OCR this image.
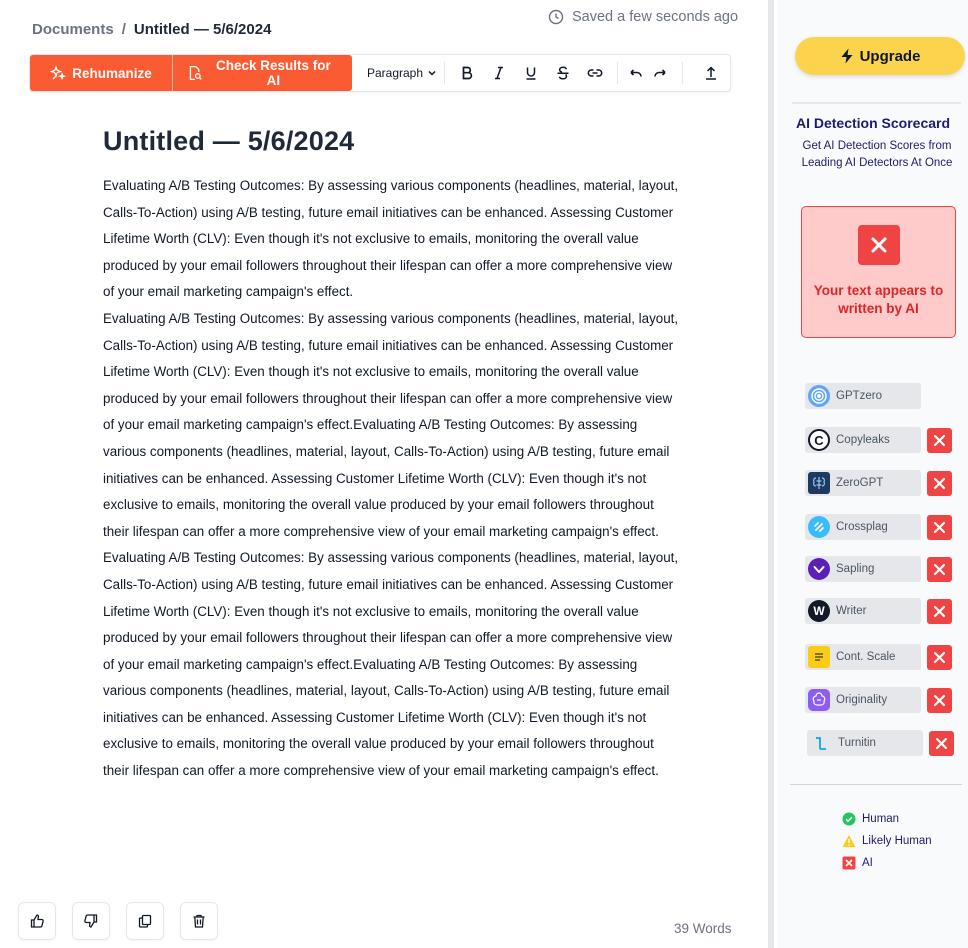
Documents / Untitled — 5/6/2024
Saved a few seconds ago
Rehumanize	Check Results for AI	Paragraph
Untitled — 5/6/2024

Evaluating A/B Testing Outcomes: By assessing various components (headlines, material, layout, Calls-To-Action) using A/B testing, future email initiatives can be enhanced. Assessing Customer Lifetime Worth (CLV): Even though it's not exclusive to emails, monitoring the overall value produced by your email followers throughout their lifespan can offer a more comprehensive view of your email marketing campaign's effect.

Evaluating A/B Testing Outcomes: By assessing various components (headlines, material, layout, Calls-To-Action) using A/B testing, future email initiatives can be enhanced. Assessing Customer Lifetime Worth (CLV): Even though it's not exclusive to emails, monitoring the overall value produced by your email followers throughout their lifespan can offer a more comprehensive view of your email marketing campaign's effect.Evaluating A/B Testing Outcomes: By assessing various components (headlines, material, layout, Calls-To-Action) using A/B testing, future email initiatives can be enhanced. Assessing Customer Lifetime Worth (CLV): Even though it's not exclusive to emails, monitoring the overall value produced by your email followers throughout their lifespan can offer a more comprehensive view of your email marketing campaign's effect.

Evaluating A/B Testing Outcomes: By assessing various components (headlines, material, layout, Calls-To-Action) using A/B testing, future email initiatives can be enhanced. Assessing Customer Lifetime Worth (CLV): Even though it's not exclusive to emails, monitoring the overall value produced by your email followers throughout their lifespan can offer a more comprehensive view of your email marketing campaign's effect.Evaluating A/B Testing Outcomes: By assessing various components (headlines, material, layout, Calls-To-Action) using A/B testing, future email initiatives can be enhanced. Assessing Customer Lifetime Worth (CLV): Even though it's not exclusive to emails, monitoring the overall value produced by your email followers throughout their lifespan can offer a more comprehensive view of your email marketing campaign's effect.

39 Words
Upgrade
AI Detection Scorecard
Get AI Detection Scores from Leading AI Detectors At Once
Your text appears to written by AI
GPTzero
C	Copyleaks
ZeroGPT
Crossplag
Sapling
W Writer
Cont. Scale
Originality
Turnitin
Human
Likely Human
AI
